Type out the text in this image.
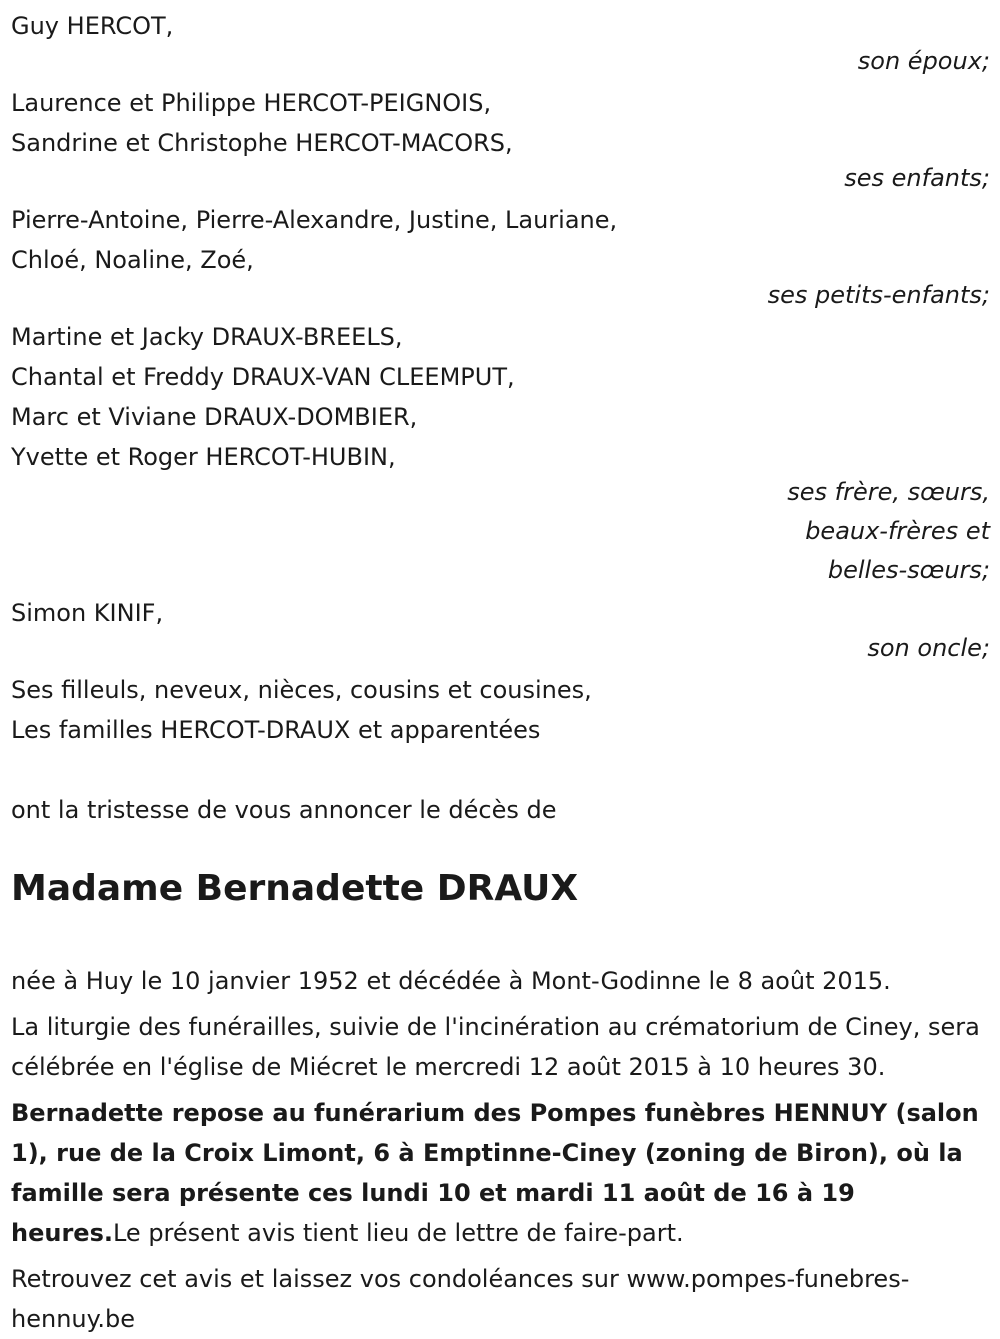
Guy HERCOT,
son époux;
Laurence et Philippe HERCOT-PEIGNOIS,
Sandrine et Christophe HERCOT-MACORS,
ses enfants;
Pierre-Antoine, Pierre-Alexandre, Justine, Lauriane,
Chloé, Noaline, Zoé,
ses petits-enfants;
Martine et Jacky DRAUX-BREELS,
Chantal et Freddy DRAUX-VAN CLEEMPUT,
Marc et Viviane DRAUX-DOMBIER,
Yvette et Roger HERCOT-HUBIN,
ses frère, sœurs,
beaux-frères et
belles-sœurs;
Simon KINIF,
son oncle;
Ses filleuls, neveux, nièces, cousins et cousines,
Les familles HERCOT-DRAUX et apparentées
ont la tristesse de vous annoncer le décès de
Madame Bernadette DRAUX

née à Huy le 10 janvier 1952 et décédée à Mont-Godinne le 8 août 2015.

La liturgie des funérailles, suivie de l'incinération au crématorium de Ciney, sera célébrée en l'église de Miécret le mercredi 12 août 2015 à 10 heures 30.

Bernadette repose au funérarium des Pompes funèbres HENNUY (salon 1), rue de la Croix Limont, 6 à Emptinne-Ciney (zoning de Biron), où la famille sera présente ces lundi 10 et mardi 11 août de 16 à 19 heures.Le présent avis tient lieu de lettre de faire-part.

Retrouvez cet avis et laissez vos condoléances sur www.pompes-funebres-hennuy.be
